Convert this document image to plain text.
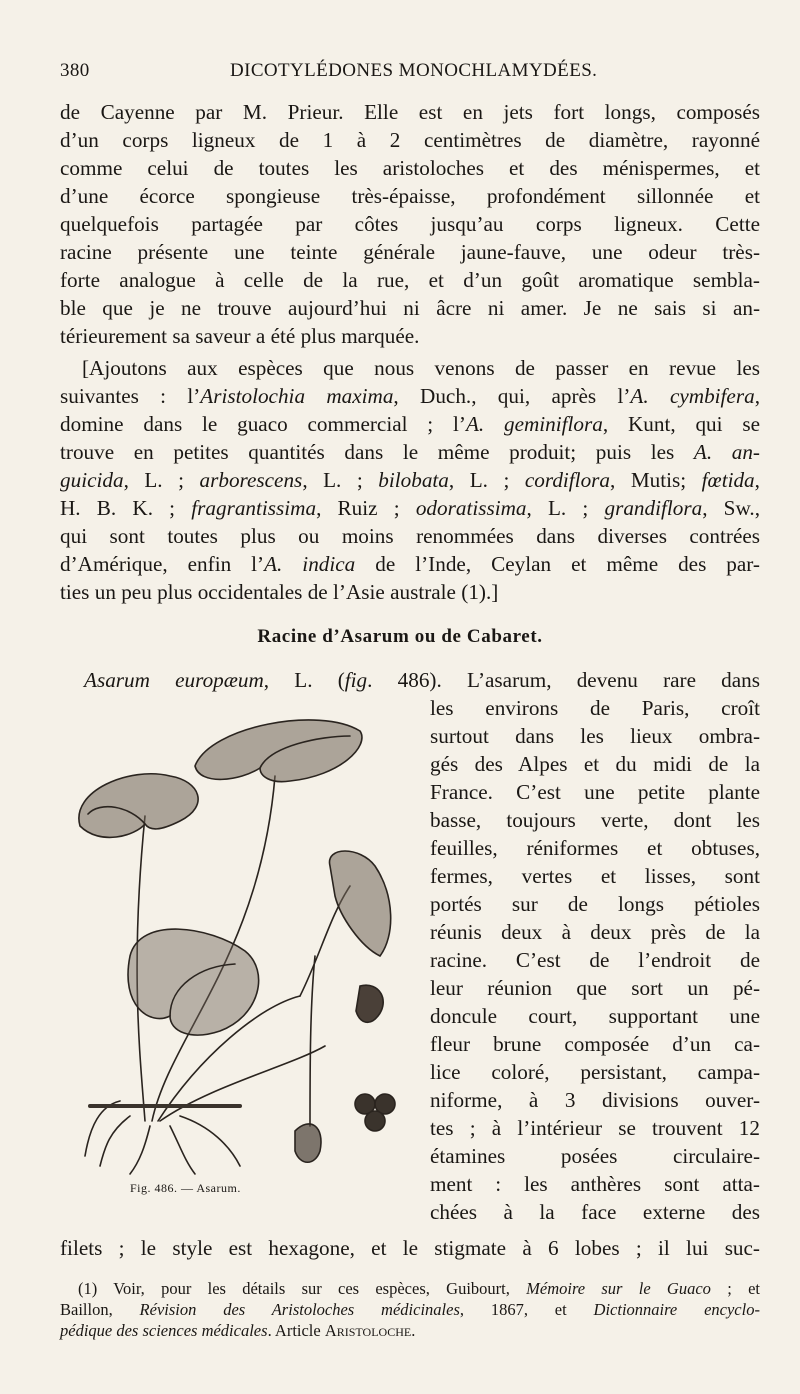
380	DICOTYLÉDONES MONOCHLAMYDÉES.
de Cayenne par M. Prieur. Elle est en jets fort longs, composés
d’un corps ligneux de 1 à 2 centimètres de diamètre, rayonné
comme celui de toutes les aristoloches et des ménispermes, et
d’une écorce spongieuse très-épaisse, profondément sillonnée et
quelquefois partagée par côtes jusqu’au corps ligneux. Cette
racine présente une teinte générale jaune-fauve, une odeur très-
forte analogue à celle de la rue, et d’un goût aromatique sembla-
ble que je ne trouve aujourd’hui ni âcre ni amer. Je ne sais si an-
térieurement sa saveur a été plus marquée.
[Ajoutons aux espèces que nous venons de passer en revue les
suivantes : l’Aristolochia maxima, Duch., qui, après l’A. cymbifera,
domine dans le guaco commercial ; l’A. geminiflora, Kunt, qui se
trouve en petites quantités dans le même produit; puis les A. an-
guicida, L. ; arborescens, L. ; bilobata, L. ; cordiflora, Mutis; fœtida,
H. B. K. ; fragrantissima, Ruiz ; odoratissima, L. ; grandiflora, Sw.,
qui sont toutes plus ou moins renommées dans diverses contrées
d’Amérique, enfin l’A. indica de l’Inde, Ceylan et même des par-
ties un peu plus occidentales de l’Asie australe (1).]
Racine d’Asarum ou de Cabaret.
Asarum europæum, L. (fig. 486). L’asarum, devenu rare dans
Fig. 486. — Asarum.
les environs de Paris, croît
surtout dans les lieux ombra-
gés des Alpes et du midi de la
France. C’est une petite plante
basse, toujours verte, dont les
feuilles, réniformes et obtuses,
fermes, vertes et lisses, sont
portés sur de longs pétioles
réunis deux à deux près de la
racine. C’est de l’endroit de
leur réunion que sort un pé-
doncule court, supportant une
fleur brune composée d’un ca-
lice coloré, persistant, campa-
niforme, à 3 divisions ouver-
tes ; à l’intérieur se trouvent 12
étamines posées circulaire-
ment : les anthères sont atta-
chées à la face externe des
filets ; le style est hexagone, et le stigmate à 6 lobes ; il lui suc-
(1) Voir, pour les détails sur ces espèces, Guibourt, Mémoire sur le Guaco ; et
Baillon, Révision des Aristoloches médicinales, 1867, et Dictionnaire encyclo-
pédique des sciences médicales. Article Aristoloche.
